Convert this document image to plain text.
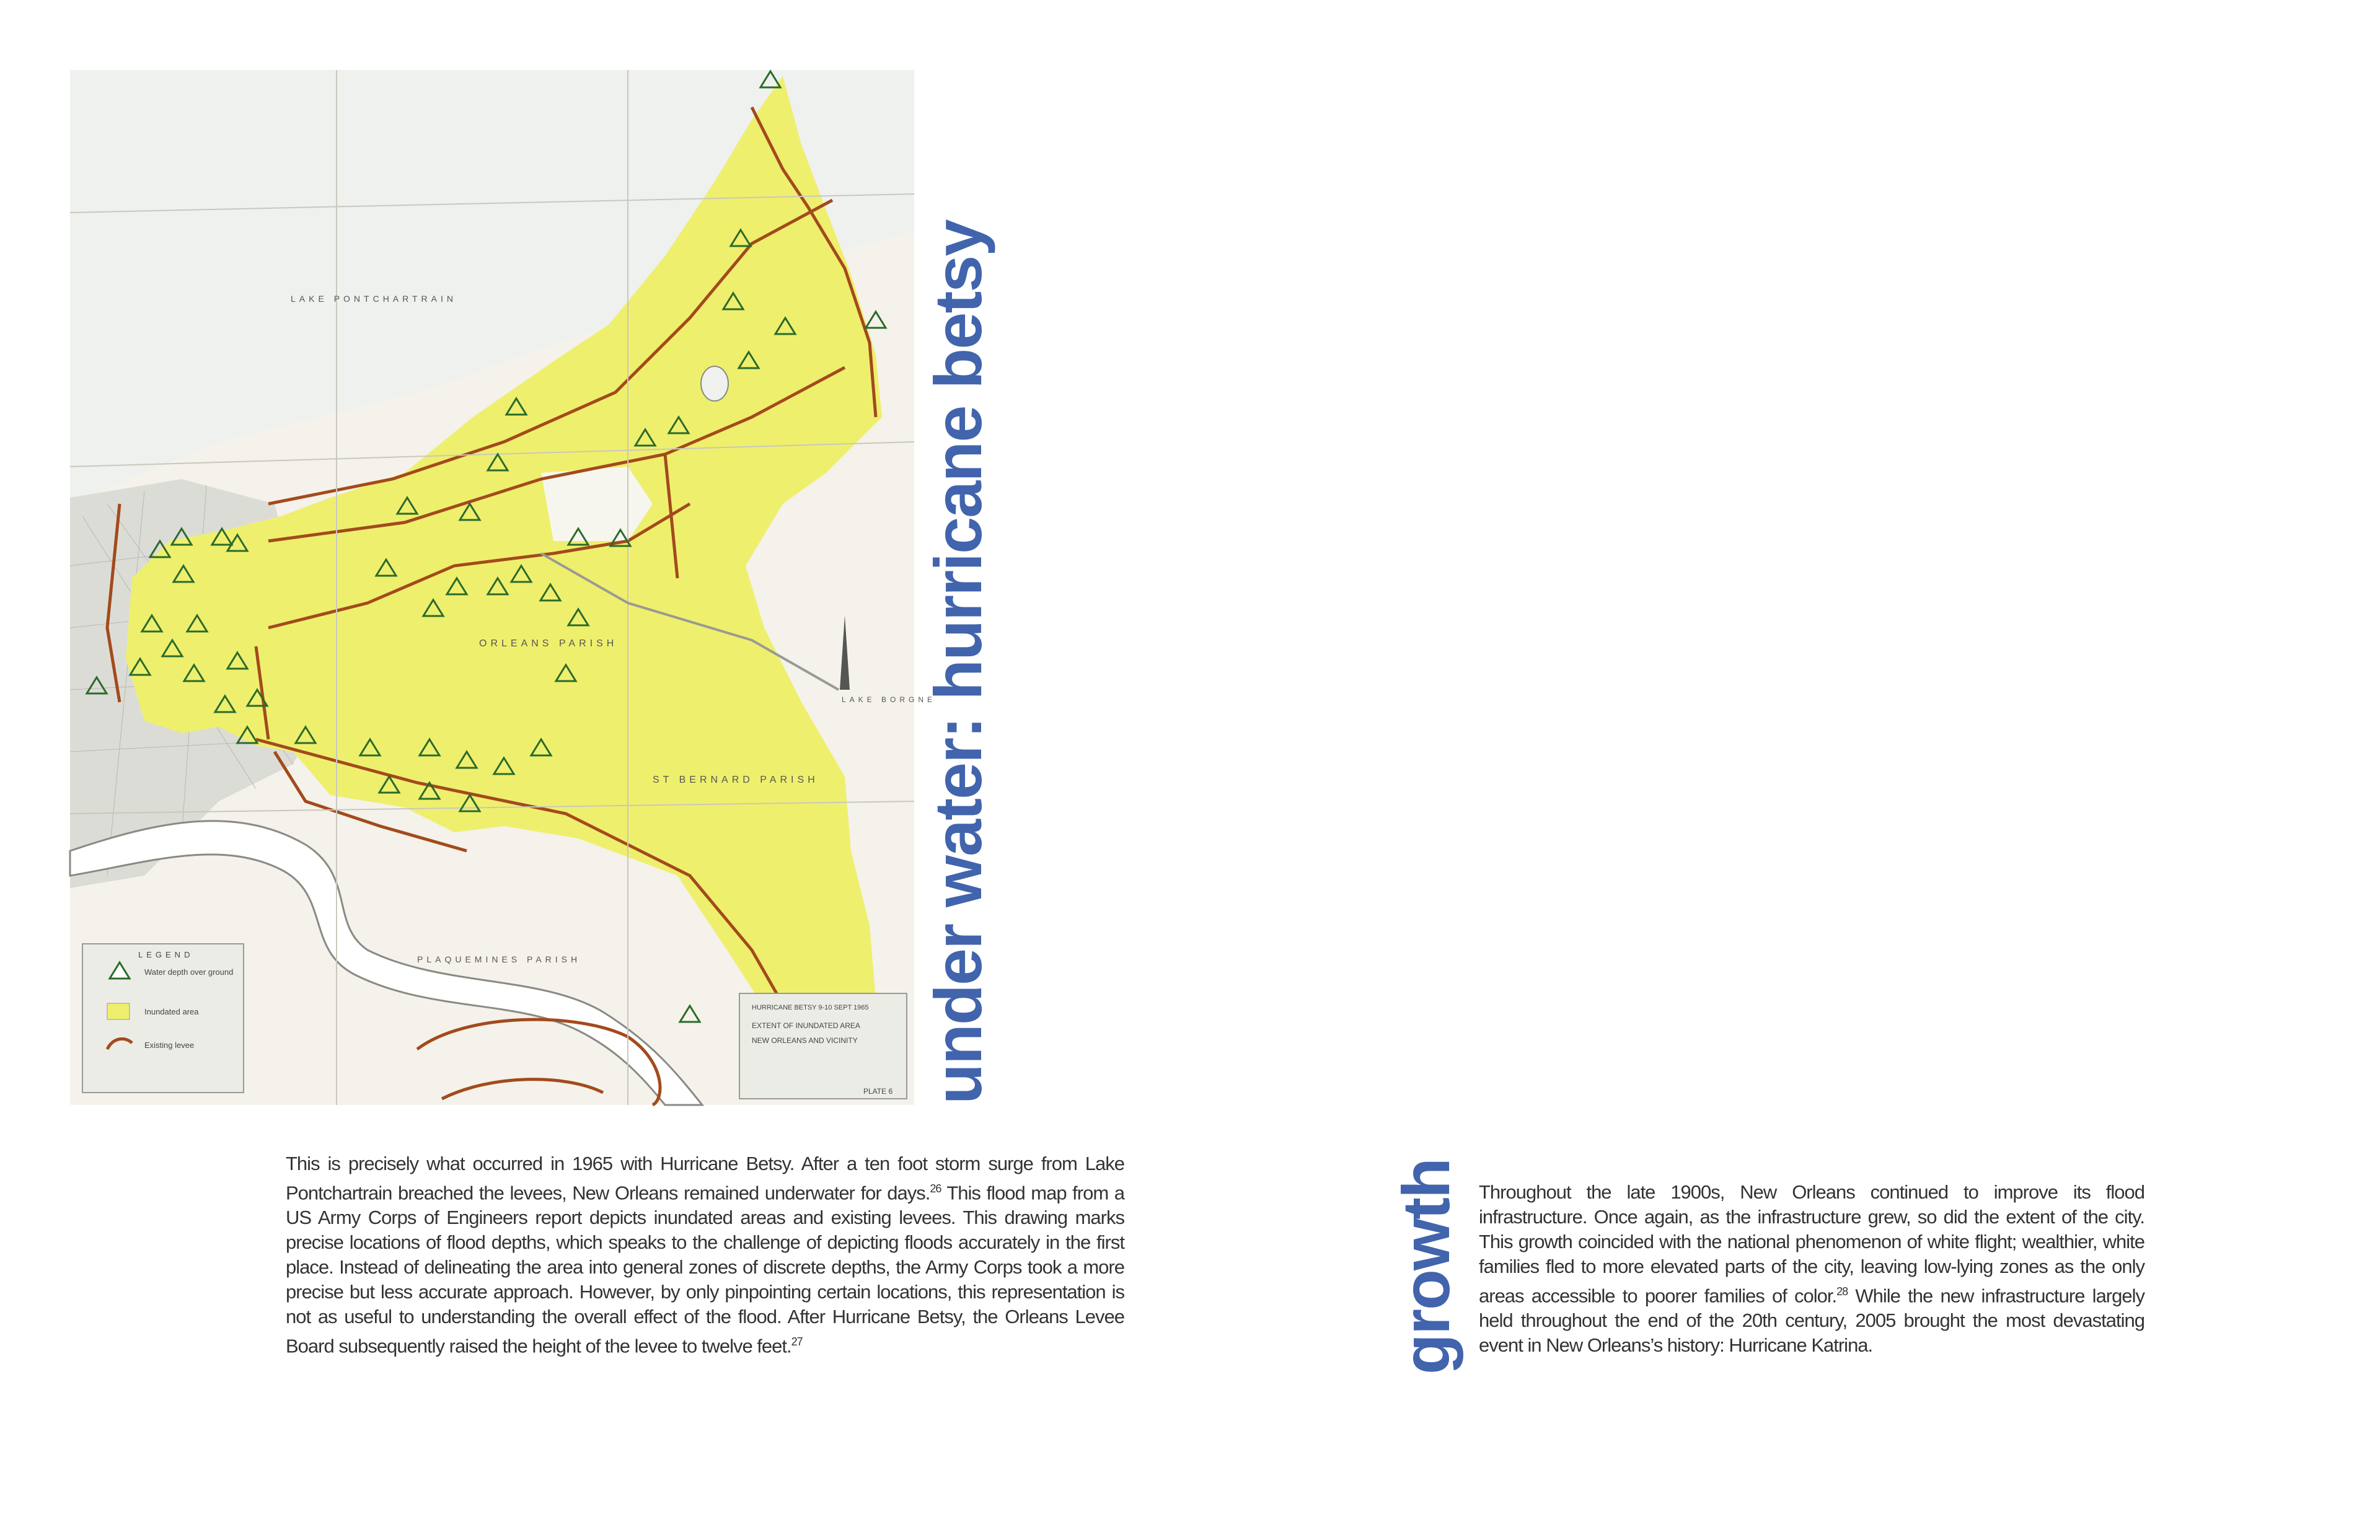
LAKE PONTCHARTRAIN
LAKE BORGNE
ORLEANS PARISH
ST BERNARD PARISH
PLAQUEMINES PARISH
LEGEND
Water depth over ground
Inundated area
Existing levee
HURRICANE BETSY 9-10 SEPT 1965
EXTENT OF INUNDATED AREA
NEW ORLEANS AND VICINITY
PLATE 6 under water: hurricane betsy
This is precisely what occurred in 1965 with Hurricane Betsy. After a ten foot storm surge from Lake Pontchartrain breached the levees, New Orleans remained underwater for days.$^{26}$ This flood map from a US Army Corps of Engineers report depicts inundated areas and existing levees. This drawing marks precise locations of flood depths, which speaks to the challenge of depicting floods accurately in the first place. Instead of delineating the area into general zones of discrete depths, the Army Corps took a more precise but less accurate approach. However, by only pinpointing certain locations, this representation is not as useful to understanding the overall effect of the flood. After Hurricane Betsy, the Orleans Levee Board subsequently raised the height of the levee to twelve feet.$^{27}$	growth Throughout the late 1900s, New Orleans continued to improve its flood infrastructure. Once again, as the infrastructure grew, so did the extent of the city. This growth coincided with the national phenomenon of white flight; wealthier, white families fled to more elevated parts of the city, leaving low-lying zones as the only areas accessible to poorer families of color.$^{28}$ While the new infrastructure largely held throughout the end of the 20th century, 2005 brought the most devastating event in New Orleans’s history: Hurricane Katrina.
